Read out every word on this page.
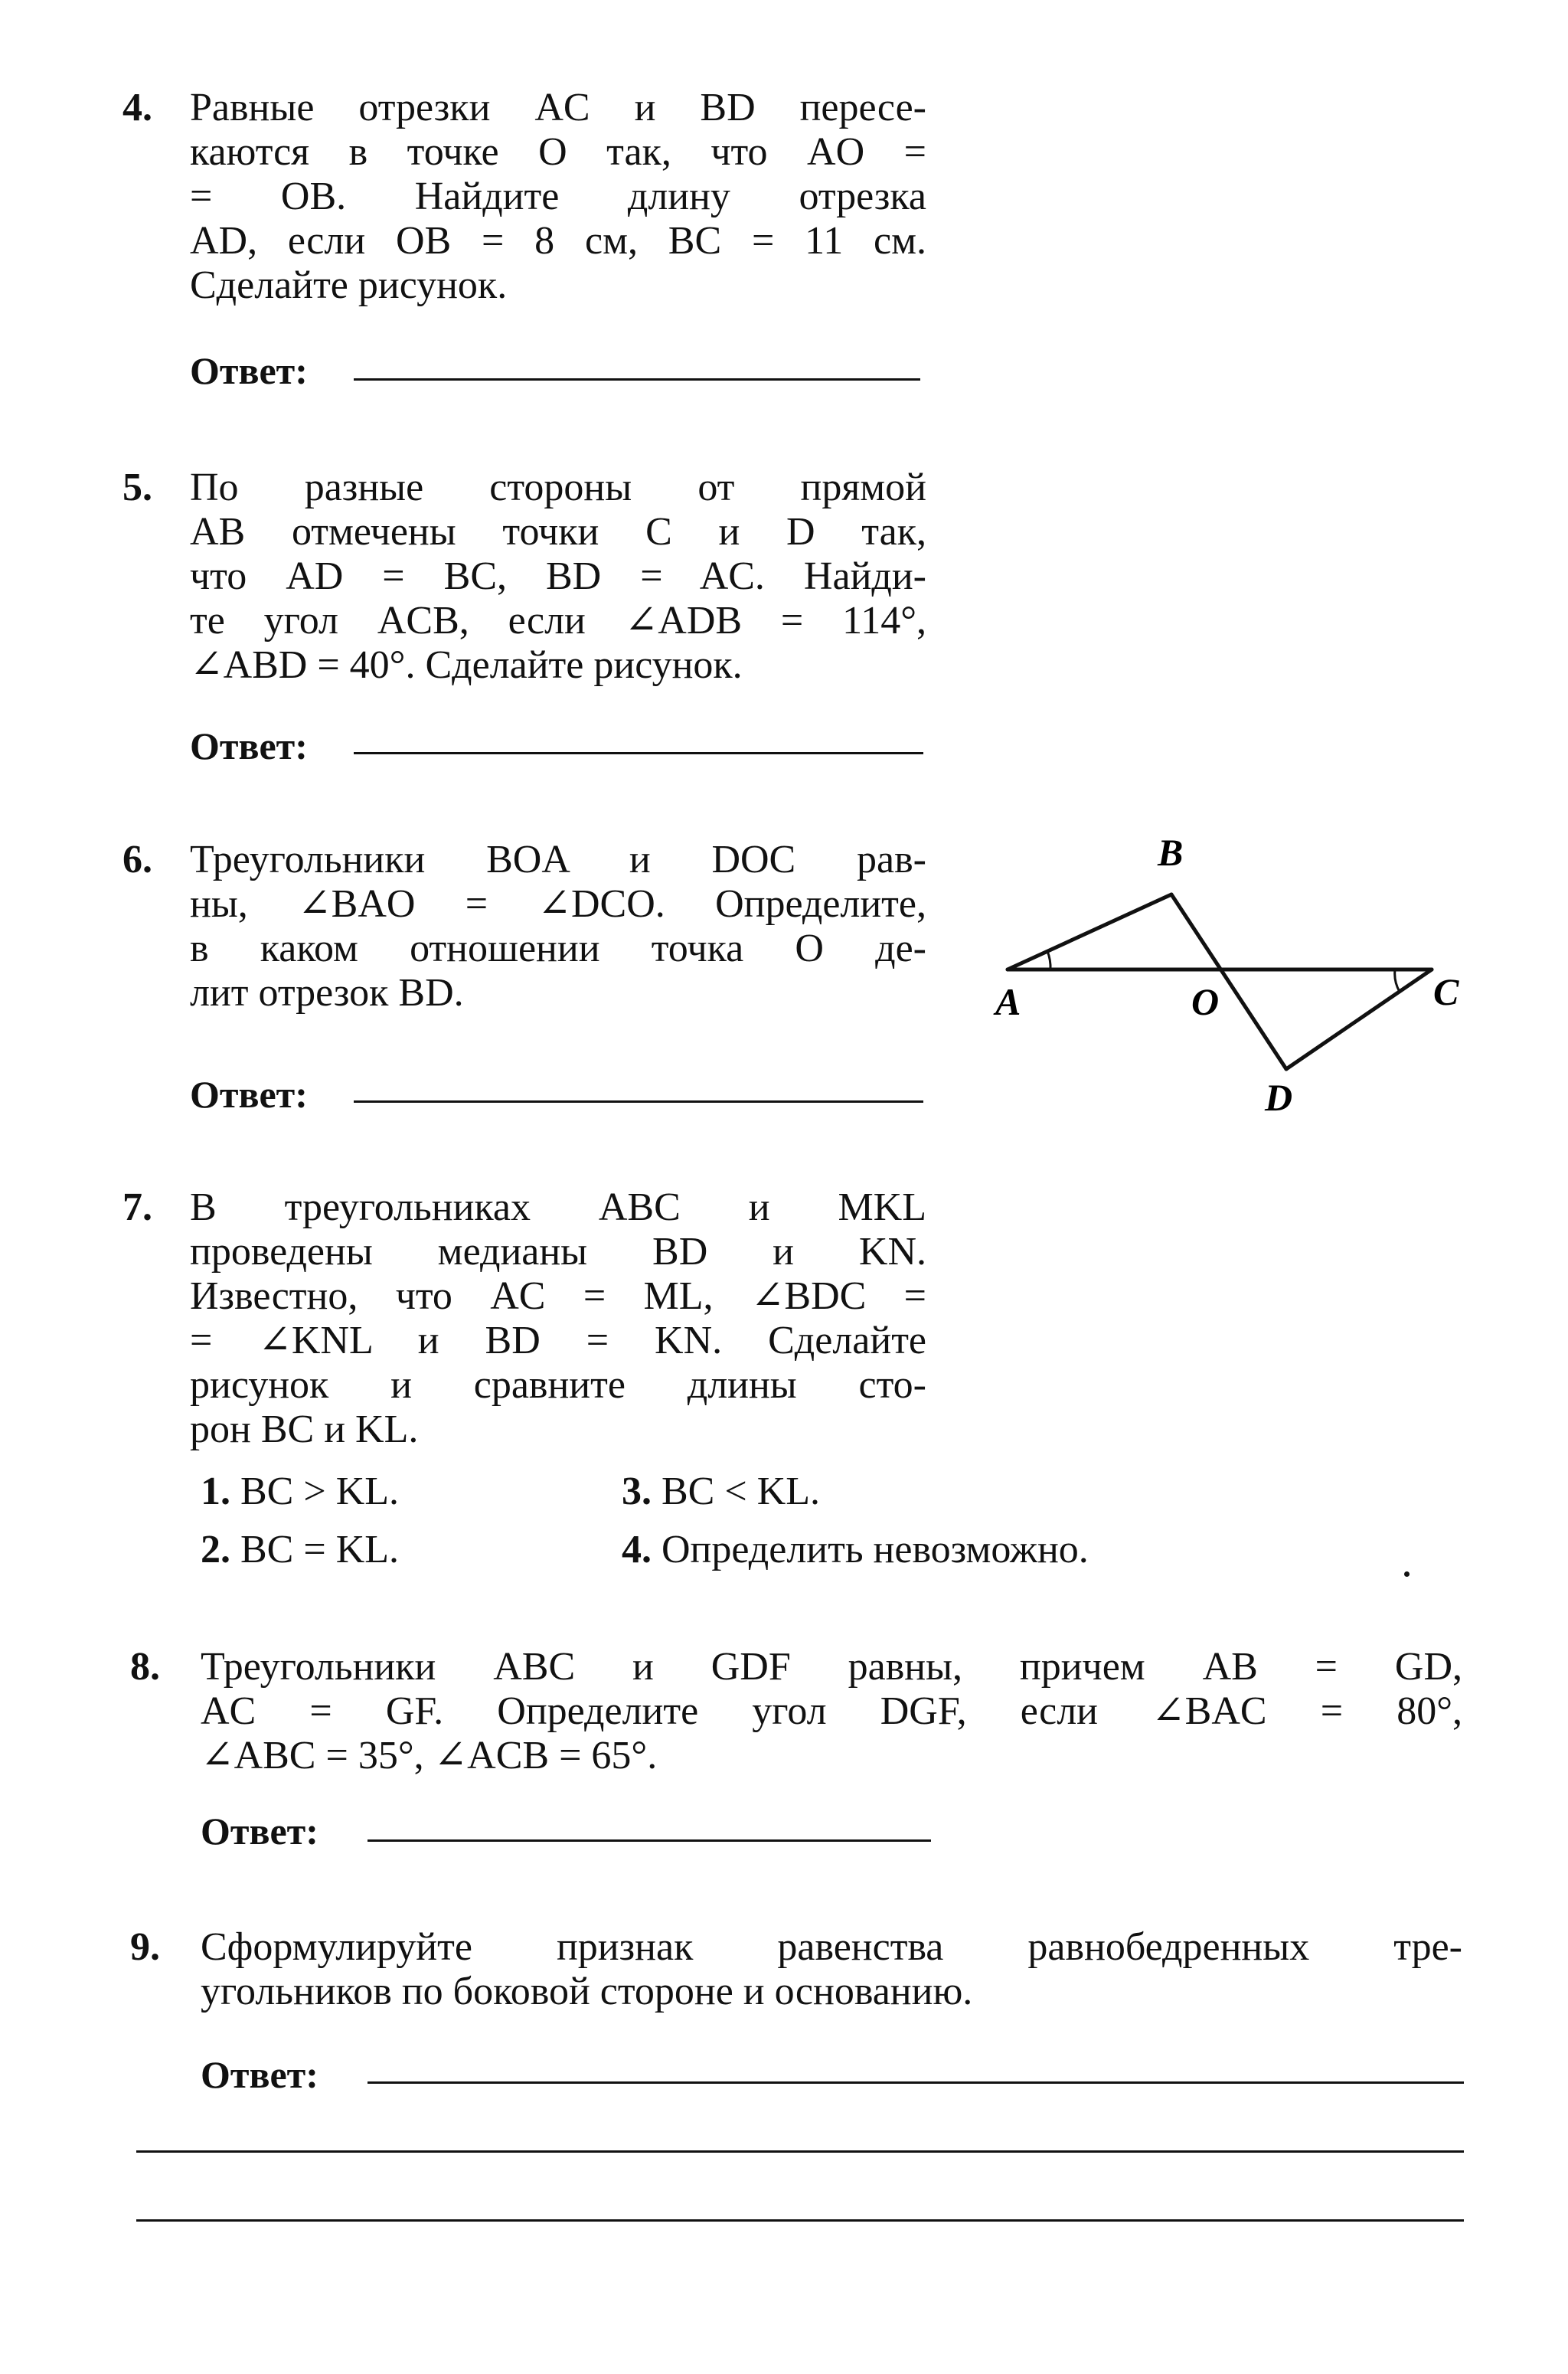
4. Равные отрезки AC и BD пересе-
каются в точке O так, что AO =
= OB. Найдите длину отрезка
AD, если OB = 8 см, BC = 11 см.
Сделайте рисунок.
Ответ:
5. По разные стороны от прямой
AB отмечены точки C и D так,
что AD = BC, BD = AC. Найди-
те угол ACB, если ∠ADB = 114°,
∠ABD = 40°. Сделайте рисунок.
Ответ:
6. Треугольники BOA и DOC рав-
ны, ∠BAO = ∠DCO. Определите,
в каком отношении точка O де-
лит отрезок BD.
Ответ:
A
B
O	C
D
7. В треугольниках ABC и MKL
проведены медианы BD и KN.
Известно, что AC = ML, ∠BDC =
= ∠KNL и BD = KN. Сделайте
рисунок и сравните длины сто-
рон BC и KL.
1. BC > KL.	3. BC < KL.
2. BC = KL.	4. Определить невозможно.
8. Треугольники ABC и GDF равны, причем AB = GD,
AC = GF. Определите угол DGF, если ∠BAC = 80°,
∠ABC = 35°, ∠ACB = 65°.
Ответ:
9. Сформулируйте признак равенства равнобедренных тре-
угольников по боковой стороне и основанию.
Ответ:
